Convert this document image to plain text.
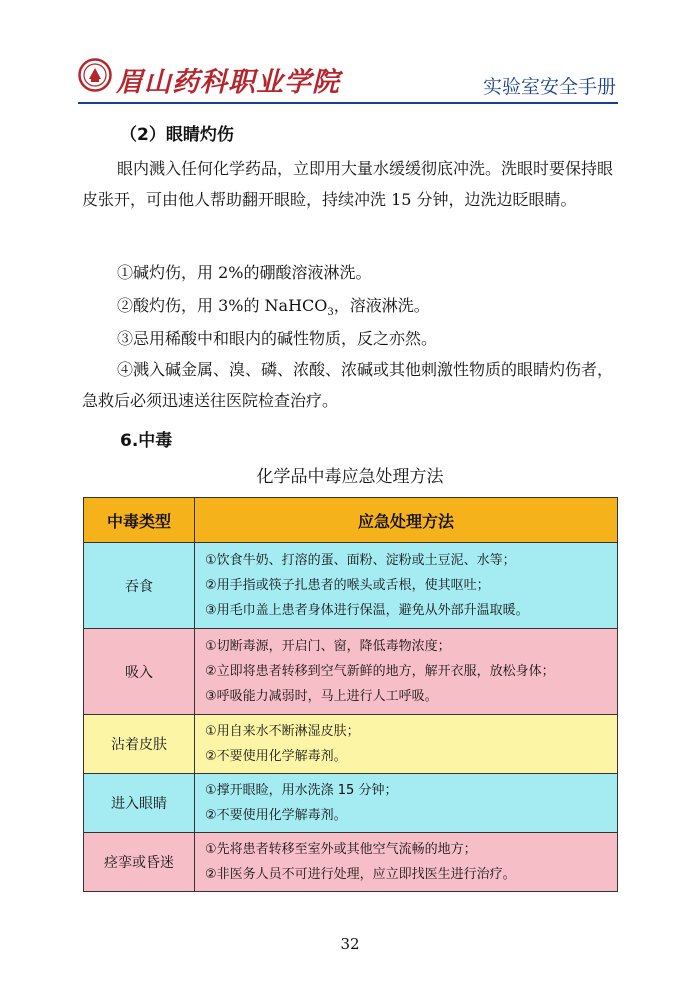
眉山药科职业学院	实验室安全手册
（2）眼睛灼伤
眼内溅入任何化学药品，立即用大量水缓缓彻底冲洗。洗眼时要保持眼皮张开，可由他人帮助翻开眼睑，持续冲洗 15 分钟，边洗边眨眼睛。
①碱灼伤，用 2%的硼酸溶液淋洗。
②酸灼伤，用 3%的 NaHCO$_3$，溶液淋洗。
③忌用稀酸中和眼内的碱性物质，反之亦然。
④溅入碱金属、溴、磷、浓酸、浓碱或其他刺激性物质的眼睛灼伤者，急救后必须迅速送往医院检查治疗。
6.中毒
化学品中毒应急处理方法
中毒类型	应急处理方法
吞食	①饮食牛奶、打溶的蛋、面粉、淀粉或土豆泥、水等；
②用手指或筷子扎患者的喉头或舌根，使其呕吐；
③用毛巾盖上患者身体进行保温，避免从外部升温取暖。

吸入	①切断毒源，开启门、窗，降低毒物浓度；
②立即将患者转移到空气新鲜的地方，解开衣服，放松身体；
③呼吸能力减弱时，马上进行人工呼吸。

沾着皮肤	①用自来水不断淋湿皮肤；
②不要使用化学解毒剂。

进入眼睛	①撑开眼睑，用水洗涤 15 分钟；
②不要使用化学解毒剂。

痉挛或昏迷	①先将患者转移至室外或其他空气流畅的地方；
②非医务人员不可进行处理，应立即找医生进行治疗。
32
